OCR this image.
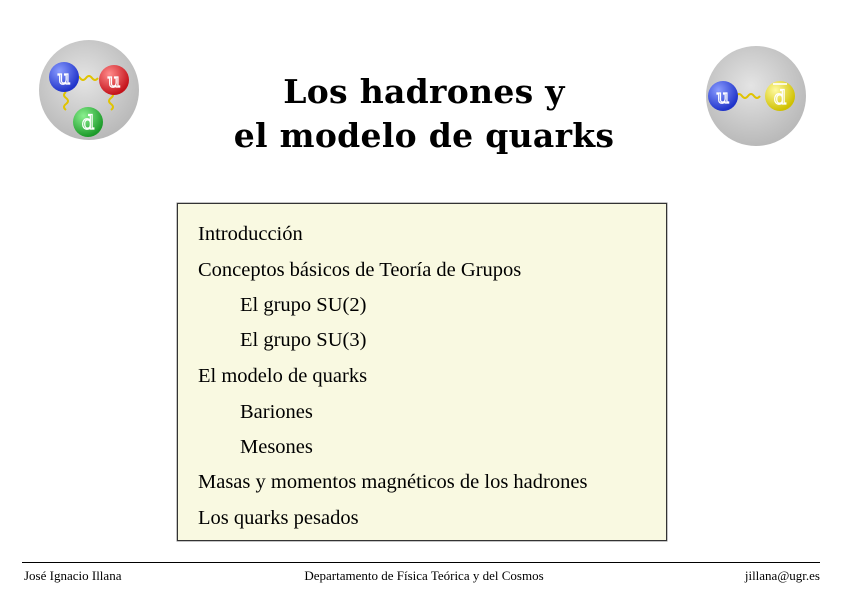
u u
d
Los hadrones y
el modelo de quarks
u d
Introducción
Conceptos básicos de Teoría de Grupos
El grupo SU(2)
El grupo SU(3)
El modelo de quarks
Bariones
Mesones
Masas y momentos magnéticos de los hadrones
Los quarks pesados
José Ignacio Illana	Departamento de Física Teórica y del Cosmos	jillana@ugr.es
